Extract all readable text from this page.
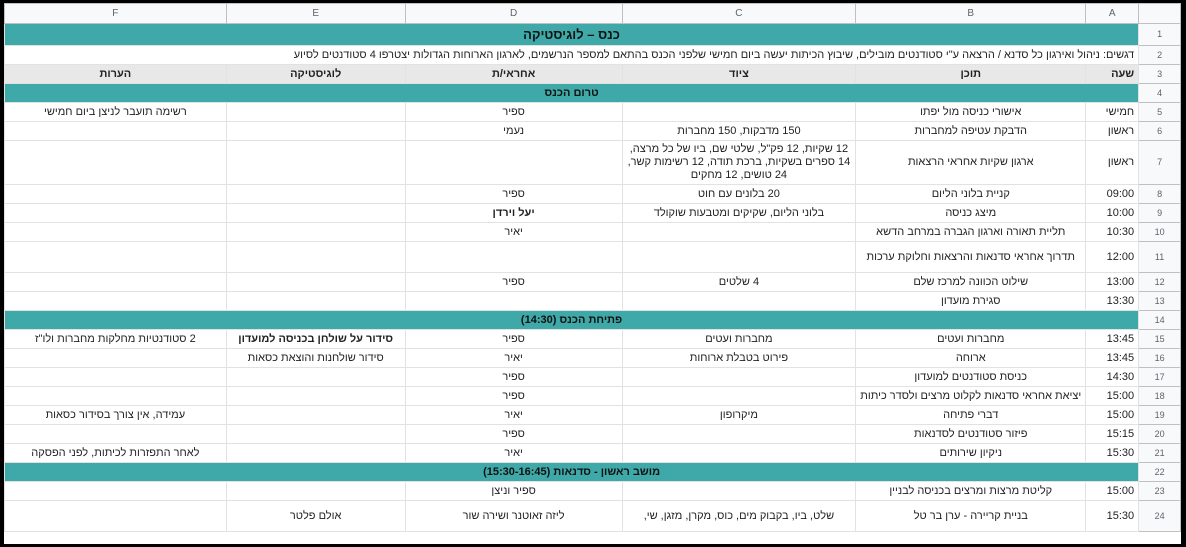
F	E	D	C	B	A	
כנס – לוגיסטיקה						1
דגשים: ניהול ואירגון כל סדנא / הרצאה ע"י סטודנטים מובילים, שיבוץ הכיתות יעשה ביום חמישי שלפני הכנס בהתאם למספר הנרשמים, לארגון הארוחות הגדולות יצטרפו 4 סטודנטים לסיוע						2
הערות	לוגיסטיקה	אחראי/ת	ציוד	תוכן	שעה	3
טרום הכנס						4
רשימה תועבר לניצן ביום חמישי		ספיר		אישורי כניסה מול יפתו	חמישי	5
		נעמי	150 מדבקות, 150 מחברות	הדבקת עטיפה למחברות	ראשון	6
			12 שקיות, 12 פק"ל, שלטי שם, ביו של כל מרצה, 14 ספרים בשקיות, ברכת תודה, 12 רשימות קשר, 24 טושים, 12 מחקים	ארגון שקיות אחראי הרצאות	ראשון	7
		ספיר	20 בלונים עם חוט	קניית בלוני הליום	09:00	8
		יעל וירדן	בלוני הליום, שקיקים ומטבעות שוקולד	מיצג כניסה	10:00	9
		יאיר		תליית תאורה וארגון הגברה במרחב הדשא	10:30	10
				תדרוך אחראי סדנאות והרצאות וחלוקת ערכות	12:00	11
		ספיר	4 שלטים	שילוט הכוונה למרכז שלם	13:00	12
				סגירת מועדון	13:30	13
פתיחת הכנס (14:30)						14
2 סטודנטיות מחלקות מחברות ולו"ז	סידור על שולחן בכניסה למועדון	ספיר	מחברות ועטים	מחברות ועטים	13:45	15
	סידור שולחנות והוצאת כסאות	יאיר	פירוט בטבלת ארוחות	ארוחה	13:45	16
		ספיר		כניסת סטודנטים למועדון	14:30	17
		ספיר		יציאת אחראי סדנאות לקלוט מרצים ולסדר כיתות	15:00	18
עמידה, אין צורך בסידור כסאות		יאיר	מיקרופון	דברי פתיחה	15:00	19
		ספיר		פיזור סטודנטים לסדנאות	15:15	20
לאחר התפזרות לכיתות, לפני הפסקה		יאיר		ניקיון שירותים	15:30	21
מושב ראשון - סדנאות (15:30-16:45)						22
		ספיר וניצן		קליטת מרצות ומרצים בכניסה לבניין	15:00	23
	אולם פלטר	ליזה זאוטנר ושירה שור	שלט, ביו, בקבוק מים, כוס, מקרן, מזגן, שי,	בניית קריירה - ערן בר טל	15:30	24
